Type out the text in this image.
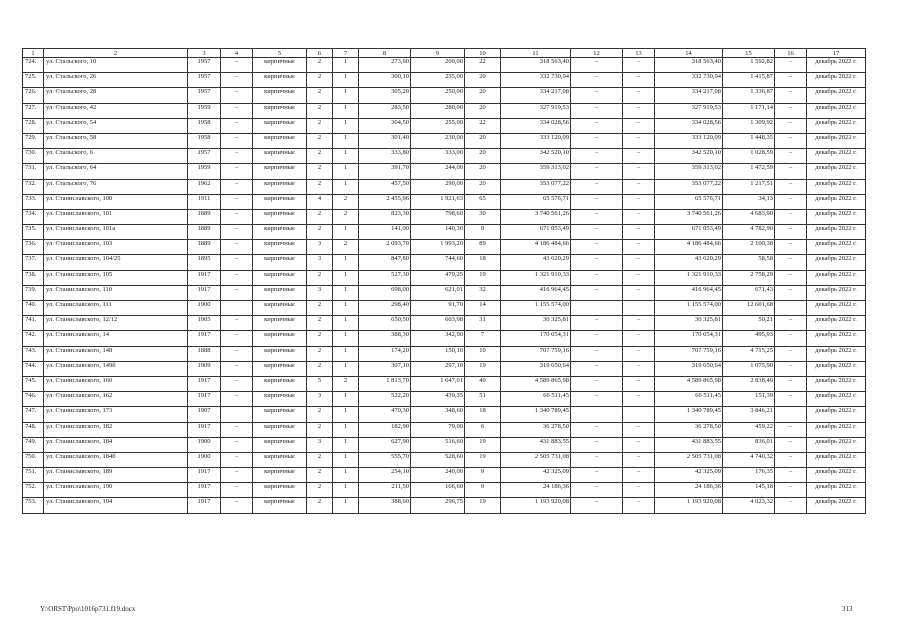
1	2	3	4	5	6	7	8	9	10	11	12	13	14	15	16	17
724.	ул. Стальского, 10	1957	–	кирпичные	2	1	273,60	200,00	22	318 563,40	–	–	318 563,40	1 592,82	–	декабрь 2022 г.
725.	ул. Стальского, 26	1957	–	кирпичные	2	1	300,10	235,00	20	332 730,04	–	–	332 730,04	1 415,87	–	декабрь 2022 г.
726.	ул. Стальского, 28	1957	–	кирпичные	2	1	305,20	250,00	20	334 217,08	–	–	334 217,08	1 336,87	–	декабрь 2022 г.
727.	ул. Стальского, 42	1959	–	кирпичные	2	1	283,50	280,00	20	327 919,53	–	–	327 919,53	1 171,14	–	декабрь 2022 г.
728.	ул. Стальского, 54	1958	–	кирпичные	2	1	304,50	255,00	22	334 028,56	–	–	334 028,56	1 309,92	–	декабрь 2022 г.
729.	ул. Стальского, 58	1958	–	кирпичные	2	1	301,40	230,00	20	333 120,09	–	–	333 120,09	1 448,35	–	декабрь 2022 г.
730.	ул. Стальского, 6	1957	–	кирпичные	2	1	333,80	333,00	20	342 520,10	–	–	342 520,10	1 028,59	–	декабрь 2022 г.
731.	ул. Стальского, 64	1959	–	кирпичные	2	1	391,70	244,00	20	359 313,02	–	–	359 313,02	1 472,59	–	декабрь 2022 г.
732.	ул. Стальского, 76	1962	–	кирпичные	2	1	457,50	290,00	20	353 077,22	–	–	353 077,22	1 217,51	–	декабрь 2022 г.
733.	ул. Станиславского, 100	1911	–	кирпичные	4	2	2 455,96	1 921,63	65	65 576,71	–	–	65 576,71	34,13	–	декабрь 2022 г.
734.	ул. Станиславского, 101	1889	–	кирпичные	2	2	823,30	798,60	30	3 740 561,26	–	–	3 740 561,26	4 683,90	–	декабрь 2022 г.
735.	ул. Станиславского, 101а	1889	–	кирпичные	2	1	141,00	140,30	9	671 053,49	–	–	671 053,49	4 782,90	–	декабрь 2022 г.
736.	ул. Станиславского, 103	1889	–	кирпичные	3	2	2 093,70	1 993,20	89	4 186 484,66	–	–	4 186 484,66	2 100,38	–	декабрь 2022 г.
737.	ул. Станиславского, 104/25	1895	–	кирпичные	3	1	847,80	744,60	18	43 620,29	–	–	43 620,29	58,58	–	декабрь 2022 г.
738.	ул. Станиславского, 105	1917	–	кирпичные	2	1	527,30	479,25	19	1 321 910,33	–	–	1 321 910,33	2 758,29	–	декабрь 2022 г.
739.	ул. Станиславского, 110	1917	–	кирпичные	3	1	698,00	621,01	32	416 964,45	–	–	416 964,45	671,43	–	декабрь 2022 г.
740.	ул. Станиславского, 111	1900		кирпичные	2	1	298,40	91,70	14	1 155 574,00			1 155 574,00	12 601,68		декабрь 2022 г.
741.	ул. Станиславского, 12/12	1905	–	кирпичные	2	1	650,50	603,98	31	30 325,81	–	–	30 325,81	50,21	–	декабрь 2022 г.
742.	ул. Станиславского, 14	1917	–	кирпичные	2	1	388,30	342,90	7	170 054,31	–	–	170 054,31	495,93	–	декабрь 2022 г.
743.	ул. Станиславского, 148	1888	–	кирпичные	2	1	174,20	150,10	10	707 759,16	–	–	707 759,16	4 715,25	–	декабрь 2022 г.
744.	ул. Станиславского, 149б	1909	–	кирпичные	2	1	307,10	297,10	19	319 650,64	–	–	319 650,64	1 075,90	–	декабрь 2022 г.
745.	ул. Станиславского, 160	1917	–	кирпичные	5	2	1 813,70	1 647,01	49	4 589 865,98	–	–	4 589 865,98	2 838,49	–	декабрь 2022 г.
746.	ул. Станиславского, 162	1917	–	кирпичные	3	1	522,20	439,35	51	66 511,45	–	–	66 511,45	151,39	–	декабрь 2022 г.
747.	ул. Станиславского, 173	1907		кирпичные	2	1	470,30	348,60	18	1 340 789,45			1 340 789,45	3 846,21		декабрь 2022 г.
748.	ул. Станиславского, 182	1917	–	кирпичные	2	1	182,90	79,00	6	36 278,50	–	–	36 278,50	459,22	–	декабрь 2022 г.
749.	ул. Станиславского, 184	1900	–	кирпичные	3	1	627,90	516,60	19	431 883,55	–	–	431 883,55	836,01	–	декабрь 2022 г.
750.	ул. Станиславского, 184б	1900	–	кирпичные	2	1	555,70	528,60	19	2 505 731,08	–	–	2 505 731,08	4 740,32	–	декабрь 2022 г.
751.	ул. Станиславского, 189	1917	–	кирпичные	2	1	254,10	240,00	9	42 325,09	–	–	42 325,09	176,35	–	декабрь 2022 г.
752.	ул. Станиславского, 190	1917	–	кирпичные	2	1	211,50	166,60	9	24 186,36	–	–	24 186,36	145,18	–	декабрь 2022 г.
753.	ул. Станиславского, 194	1917	–	кирпичные	2	1	388,60	296,75	19	1 193 920,08	–	–	1 193 920,08	4 023,32	–	декабрь 2022 г.
Y:\ORST\Ppo\1016p731.f19.docx	313
